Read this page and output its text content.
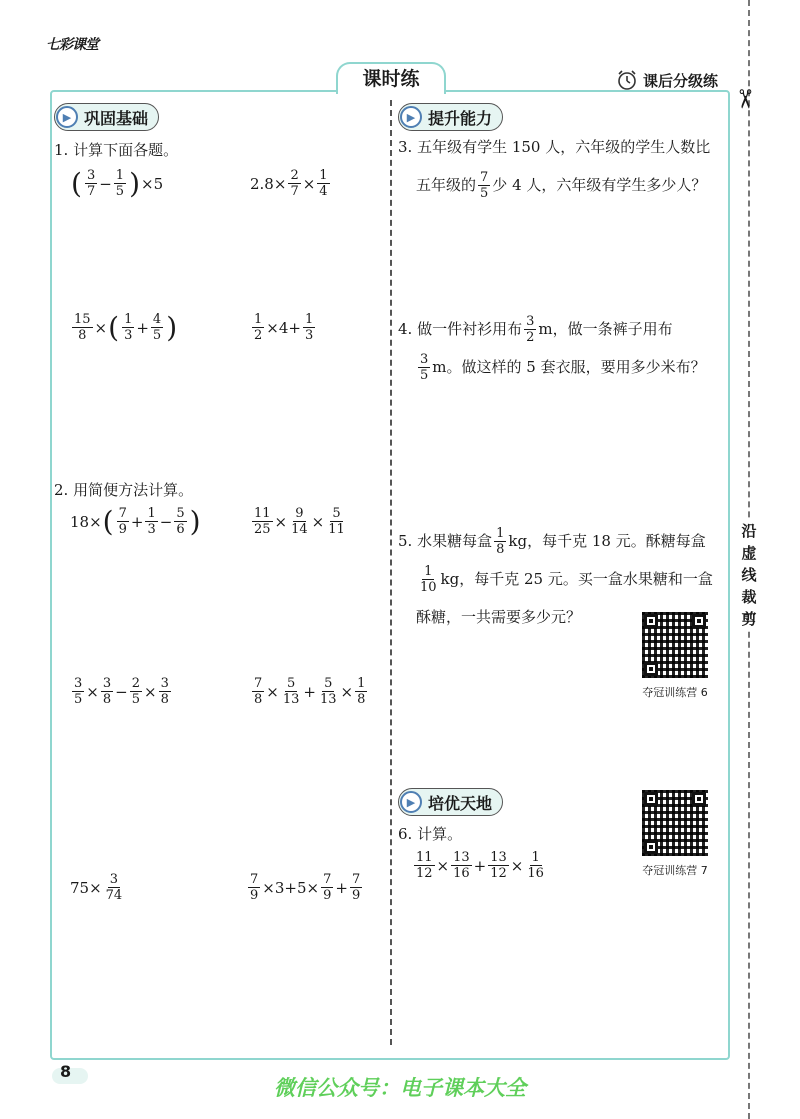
七彩课堂
课时练	课后分级练
✂
沿
虚
线
裁
剪
▶ 巩固基础
1. 计算下面各题。
( $\frac{3}{7} - \frac{1}{5}$ ) ×5	$2.8\times \frac{2}{7} \times \frac{1}{4}$
$\frac{15}{8}$ × ( $\frac{1}{3} + \frac{4}{5}$ )	$\frac{1}{2} \times 4+ \frac{1}{3}$
2. 用简便方法计算。
18× ( $\frac{7}{9} + \frac{1}{3} - \frac{5}{6}$ )	$\frac{11}{25} \times \frac{9}{14} \times \frac{5}{11}$
$\frac{3}{5} \times \frac{3}{8} - \frac{2}{5} \times \frac{3}{8}$	$\frac{7}{8} \times \frac{5}{13} + \frac{5}{13} \times \frac{1}{8}$
$75\times \frac{3}{74}$	$\frac{7}{9} \times 3+5\times \frac{7}{9} + \frac{7}{9}$
▶ 提升能力
3. 五年级有学生 150 人，六年级的学生人数比
五年级的 $\frac{7}{5}$ 少 4 人，六年级有学生多少人？
4. 做一件衬衫用布 $\frac{3}{2}$ m，做一条裤子用布
$\frac{3}{5}$ m。做这样的 5 套衣服，要用多少米布？
5. 水果糖每盒 $\frac{1}{8}$ kg，每千克 18 元。酥糖每盒
$\frac{1}{10}$ kg，每千克 25 元。买一盒水果糖和一盒
酥糖，一共需要多少元？
夺冠训练营 6
▶ 培优天地
6. 计算。
$\frac{11}{12} \times \frac{13}{16} + \frac{13}{12} \times \frac{1}{16}$	夺冠训练营 7
8
微信公众号：电子课本大全
